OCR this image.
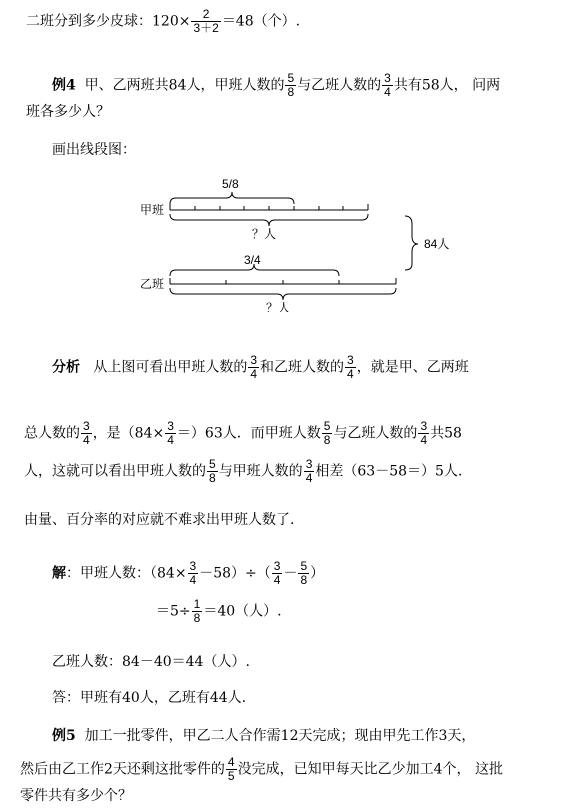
二班分到多少皮球：$120\times \frac{2}{3+2} =48$（个）.
例4 甲、乙两班共84人，甲班人数的 $\frac{5}{8}$ 与乙班人数的 $\frac{3}{4}$ 共有58人， 问两
班各多少人？
画出线段图：
甲班
5/8
？人
84人
乙班
3/4
？人
分析 从上图可看出甲班人数的 $\frac{3}{4}$ 和乙班人数的 $\frac{3}{4}$ ，就是甲、乙两班
总人数的 $\frac{3}{4}$ ，是$(84\times \frac{3}{4} =)63$人．而甲班人数 $\frac{5}{8}$ 与乙班人数的 $\frac{3}{4}$ 共58
人，这就可以看出甲班人数的 $\frac{5}{8}$ 与甲班人数的 $\frac{3}{4}$ 相差（63－58＝）5人.
由量、百分率的对应就不难求出甲班人数了.
解：甲班人数：$(84\times \frac{3}{4} -58)\div( \frac{3}{4} - \frac{5}{8}$ ）
$=5\div \frac{1}{8} =40$（人）.
乙班人数：84－40＝44（人）.
答：甲班有40人，乙班有44人.
例5 加工一批零件，甲乙二人合作需12天完成；现由甲先工作3天，
然后由乙工作2天还剩这批零件的 $\frac{4}{5}$ 没完成，已知甲每天比乙少加工4个， 这批
零件共有多少个？
